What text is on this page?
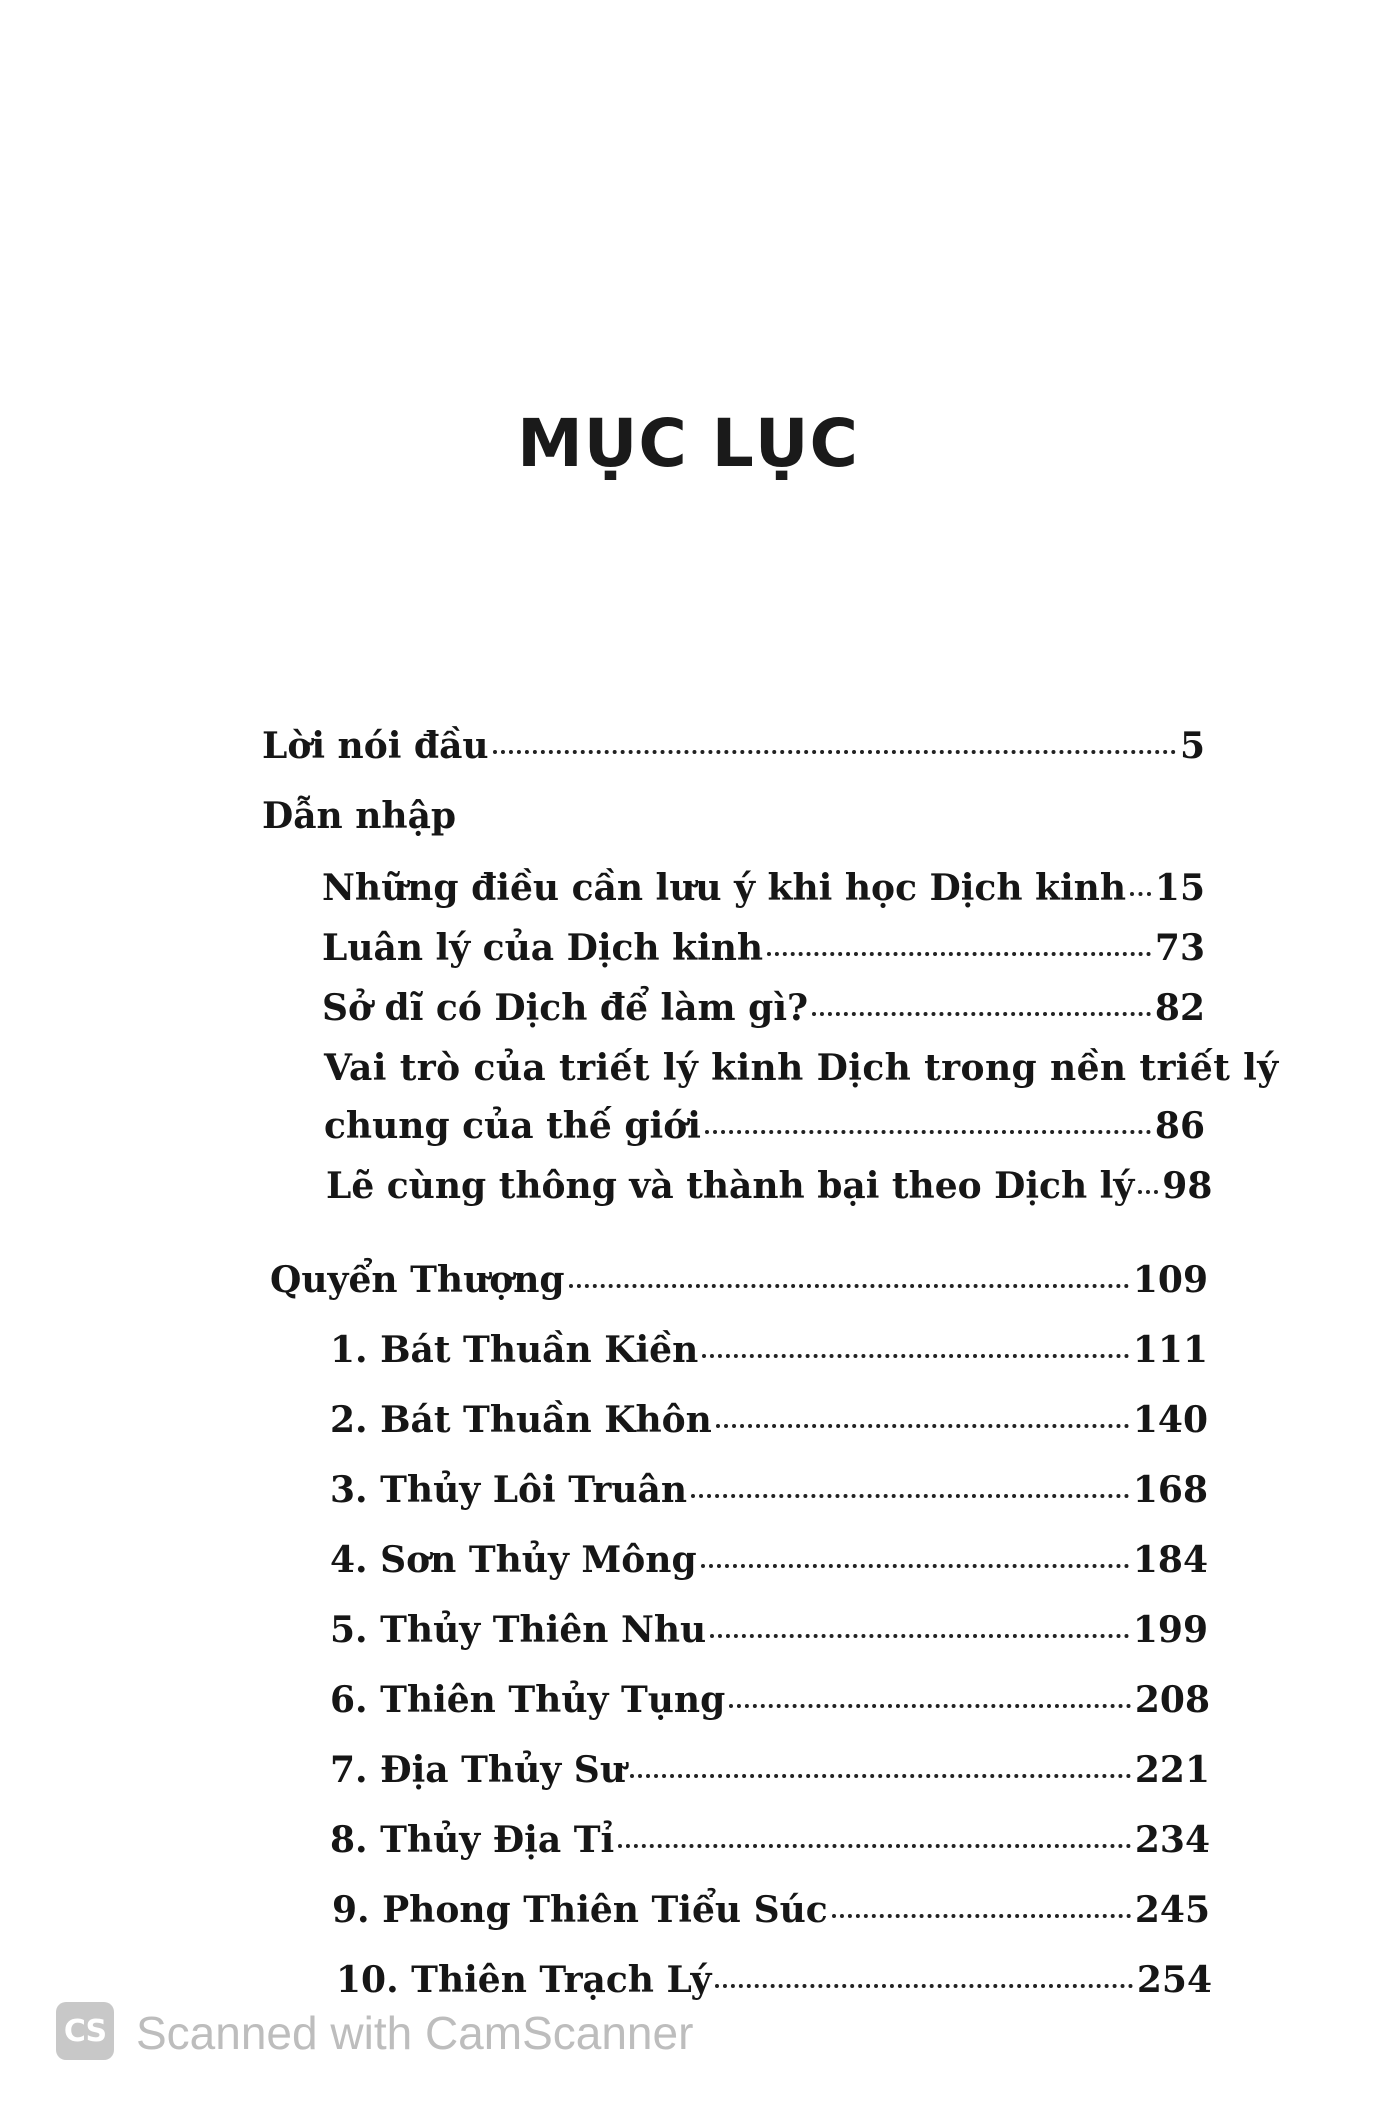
MỤC LỤC
Lời nói đầu	5
Dẫn nhập
Những điều cần lưu ý khi học Dịch kinh 15
Luân lý của Dịch kinh	73
Sở dĩ có Dịch để làm gì?	82
Vai trò của triết lý kinh Dịch trong nền triết lý
chung của thế giới	86
Lẽ cùng thông và thành bại theo Dịch lý 98
Quyển Thượng	109
1. Bát Thuần Kiền	111
2. Bát Thuần Khôn	140
3. Thủy Lôi Truân	168
4. Sơn Thủy Mông	184
5. Thủy Thiên Nhu	199
6. Thiên Thủy Tụng	208
7. Địa Thủy Sư	221
8. Thủy Địa Tỉ	234
9. Phong Thiên Tiểu Súc	245
10. Thiên Trạch Lý	254
CS Scanned with CamScanner
